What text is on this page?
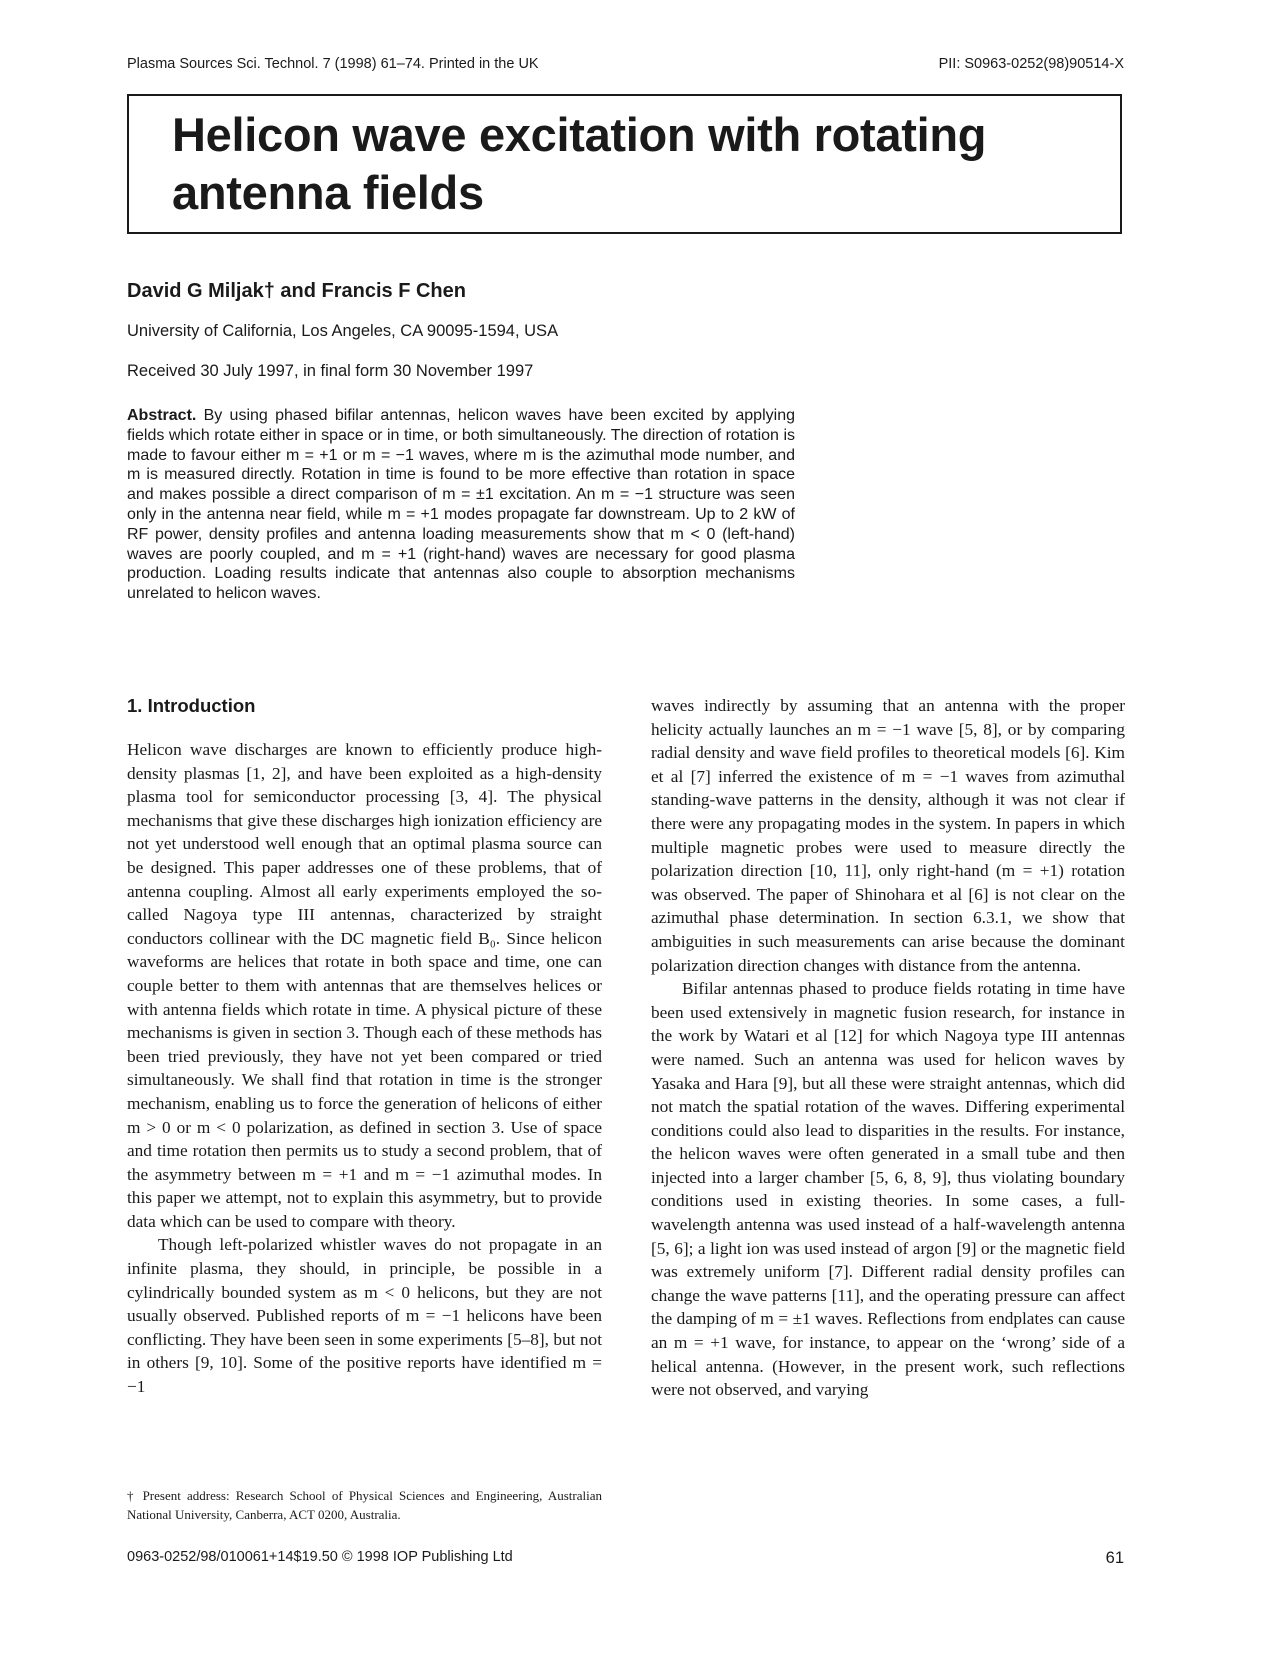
Plasma Sources Sci. Technol. 7 (1998) 61–74. Printed in the UK	PII: S0963-0252(98)90514-X
Helicon wave excitation with rotating antenna fields
David G Miljak† and Francis F Chen
University of California, Los Angeles, CA 90095-1594, USA
Received 30 July 1997, in final form 30 November 1997

Abstract. By using phased bifilar antennas, helicon waves have been excited by applying fields which rotate either in space or in time, or both simultaneously. The direction of rotation is made to favour either m = +1 or m = −1 waves, where m is the azimuthal mode number, and m is measured directly. Rotation in time is found to be more effective than rotation in space and makes possible a direct comparison of m = ±1 excitation. An m = −1 structure was seen only in the antenna near field, while m = +1 modes propagate far downstream. Up to 2 kW of RF power, density profiles and antenna loading measurements show that m < 0 (left-hand) waves are poorly coupled, and m = +1 (right-hand) waves are necessary for good plasma production. Loading results indicate that antennas also couple to absorption mechanisms unrelated to helicon waves.

1. Introduction

Helicon wave discharges are known to efficiently produce high-density plasmas [1, 2], and have been exploited as a high-density plasma tool for semiconductor processing [3, 4]. The physical mechanisms that give these discharges high ionization efficiency are not yet understood well enough that an optimal plasma source can be designed. This paper addresses one of these problems, that of antenna coupling. Almost all early experiments employed the so-called Nagoya type III antennas, characterized by straight conductors collinear with the DC magnetic field B₀. Since helicon waveforms are helices that rotate in both space and time, one can couple better to them with antennas that are themselves helices or with antenna fields which rotate in time. A physical picture of these mechanisms is given in section 3. Though each of these methods has been tried previously, they have not yet been compared or tried simultaneously. We shall find that rotation in time is the stronger mechanism, enabling us to force the generation of helicons of either m > 0 or m < 0 polarization, as defined in section 3. Use of space and time rotation then permits us to study a second problem, that of the asymmetry between m = +1 and m = −1 azimuthal modes. In this paper we attempt, not to explain this asymmetry, but to provide data which can be used to compare with theory.

Though left-polarized whistler waves do not propagate in an infinite plasma, they should, in principle, be possible in a cylindrically bounded system as m < 0 helicons, but they are not usually observed. Published reports of m = −1 helicons have been conflicting. They have been seen in some experiments [5–8], but not in others [9, 10]. Some of the positive reports have identified m = −1

waves indirectly by assuming that an antenna with the proper helicity actually launches an m = −1 wave [5, 8], or by comparing radial density and wave field profiles to theoretical models [6]. Kim et al [7] inferred the existence of m = −1 waves from azimuthal standing-wave patterns in the density, although it was not clear if there were any propagating modes in the system. In papers in which multiple magnetic probes were used to measure directly the polarization direction [10, 11], only right-hand (m = +1) rotation was observed. The paper of Shinohara et al [6] is not clear on the azimuthal phase determination. In section 6.3.1, we show that ambiguities in such measurements can arise because the dominant polarization direction changes with distance from the antenna.

Bifilar antennas phased to produce fields rotating in time have been used extensively in magnetic fusion research, for instance in the work by Watari et al [12] for which Nagoya type III antennas were named. Such an antenna was used for helicon waves by Yasaka and Hara [9], but all these were straight antennas, which did not match the spatial rotation of the waves. Differing experimental conditions could also lead to disparities in the results. For instance, the helicon waves were often generated in a small tube and then injected into a larger chamber [5, 6, 8, 9], thus violating boundary conditions used in existing theories. In some cases, a full-wavelength antenna was used instead of a half-wavelength antenna [5, 6]; a light ion was used instead of argon [9] or the magnetic field was extremely uniform [7]. Different radial density profiles can change the wave patterns [11], and the operating pressure can affect the damping of m = ±1 waves. Reflections from endplates can cause an m = +1 wave, for instance, to appear on the ‘wrong’ side of a helical antenna. (However, in the present work, such reflections were not observed, and varying

† Present address: Research School of Physical Sciences and Engineering, Australian National University, Canberra, ACT 0200, Australia.

0963-0252/98/010061+14$19.50 © 1998 IOP Publishing Ltd	61
